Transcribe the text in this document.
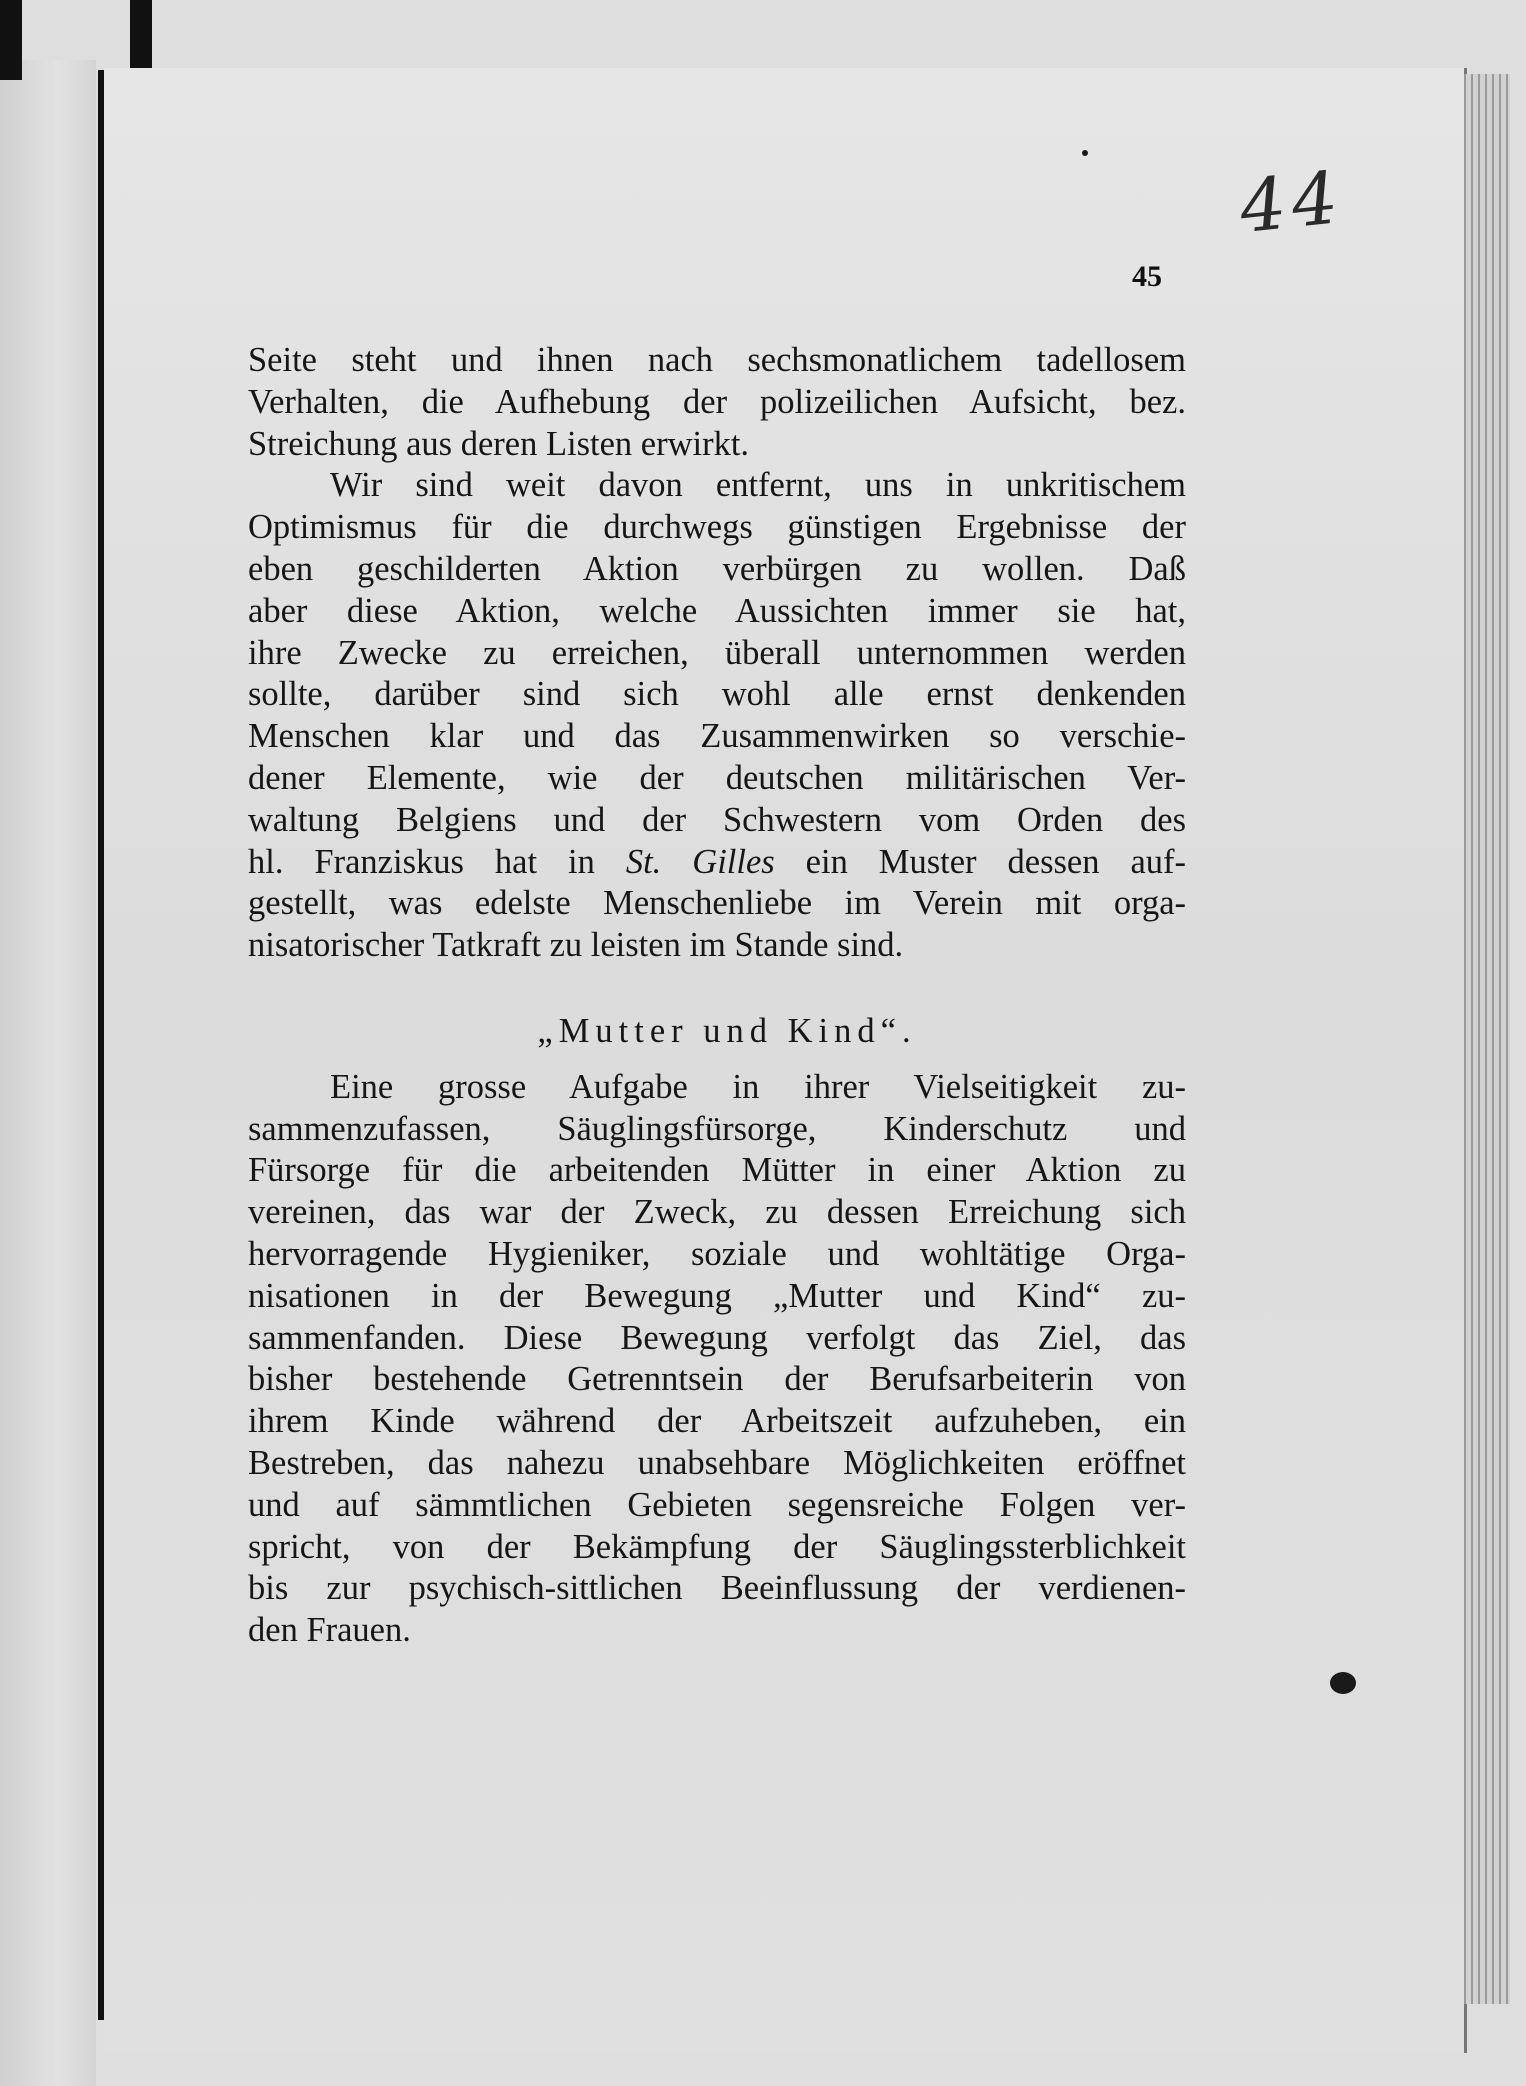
44
45
Seite steht und ihnen nach sechsmonatlichem tadellosem
Verhalten, die Aufhebung der polizeilichen Aufsicht, bez.
Streichung aus deren Listen erwirkt.
Wir sind weit davon entfernt, uns in unkritischem
Optimismus für die durchwegs günstigen Ergebnisse der
eben geschilderten Aktion verbürgen zu wollen. Daß
aber diese Aktion, welche Aussichten immer sie hat,
ihre Zwecke zu erreichen, überall unternommen werden
sollte, darüber sind sich wohl alle ernst denkenden
Menschen klar und das Zusammenwirken so verschie-
dener Elemente, wie der deutschen militärischen Ver-
waltung Belgiens und der Schwestern vom Orden des
hl. Franziskus hat in St. Gilles ein Muster dessen auf-
gestellt, was edelste Menschenliebe im Verein mit orga-
nisatorischer Tatkraft zu leisten im Stande sind.
„Mutter und Kind“.
Eine grosse Aufgabe in ihrer Vielseitigkeit zu-
sammenzufassen, Säuglingsfürsorge, Kinderschutz und
Fürsorge für die arbeitenden Mütter in einer Aktion zu
vereinen, das war der Zweck, zu dessen Erreichung sich
hervorragende Hygieniker, soziale und wohltätige Orga-
nisationen in der Bewegung „Mutter und Kind“ zu-
sammenfanden. Diese Bewegung verfolgt das Ziel, das
bisher bestehende Getrenntsein der Berufsarbeiterin von
ihrem Kinde während der Arbeitszeit aufzuheben, ein
Bestreben, das nahezu unabsehbare Möglichkeiten eröffnet
und auf sämmtlichen Gebieten segensreiche Folgen ver-
spricht, von der Bekämpfung der Säuglingssterblichkeit
bis zur psychisch-sittlichen Beeinflussung der verdienen-
den Frauen.
